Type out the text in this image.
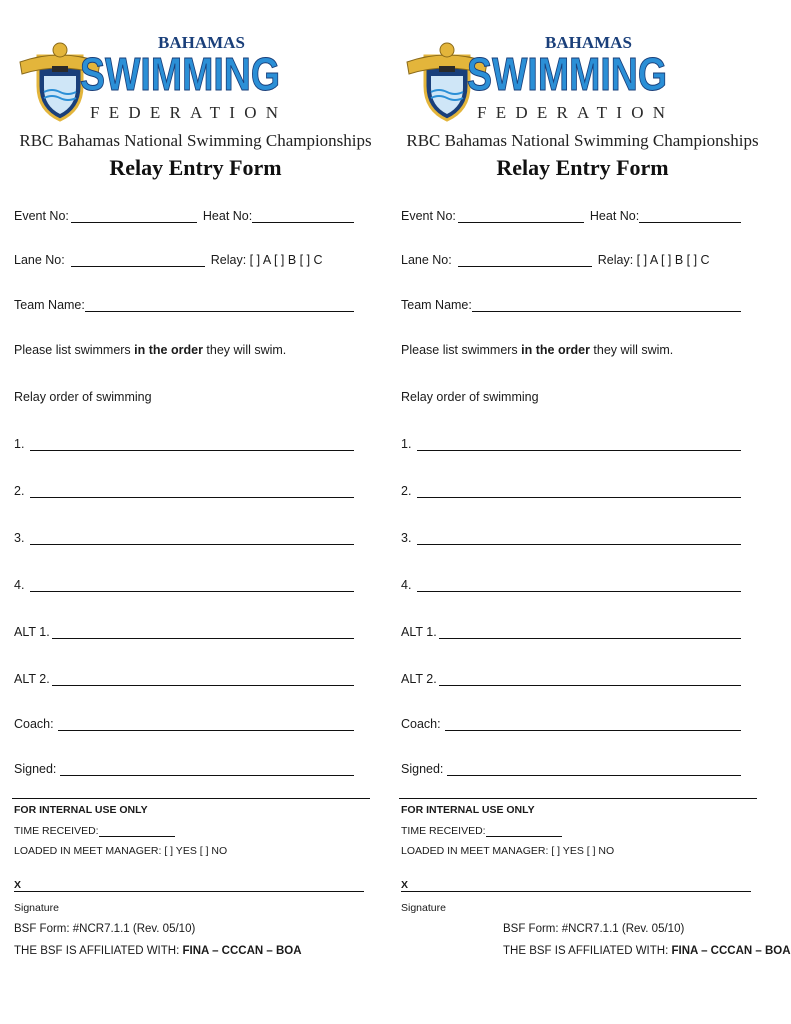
BAHAMAS
SWIMMING
FEDERATION
RBC Bahamas National Swimming Championships
Relay Entry Form
Event No:	Heat No:
Lane No:	Relay: [ ] A [ ] B [ ] C
Team Name:
Please list swimmers in the order they will swim.
Relay order of swimming
1.
2.
3.
4.
ALT 1.
ALT 2.
Coach:
Signed:
FOR INTERNAL USE ONLY
TIME RECEIVED:
LOADED IN MEET MANAGER: [ ] YES [ ] NO
X
Signature
BSF Form: #NCR7.1.1 (Rev. 05/10)
THE BSF IS AFFILIATED WITH: FINA – CCCAN – BOA
BAHAMAS
SWIMMING
FEDERATION
RBC Bahamas National Swimming Championships
Relay Entry Form
Event No:	Heat No:
Lane No:	Relay: [ ] A [ ] B [ ] C
Team Name:
Please list swimmers in the order they will swim.
Relay order of swimming
1.
2.
3.
4.
ALT 1.
ALT 2.
Coach:
Signed:
FOR INTERNAL USE ONLY
TIME RECEIVED:
LOADED IN MEET MANAGER: [ ] YES [ ] NO
X
Signature
BSF Form: #NCR7.1.1 (Rev. 05/10)
THE BSF IS AFFILIATED WITH: FINA – CCCAN – BOA
